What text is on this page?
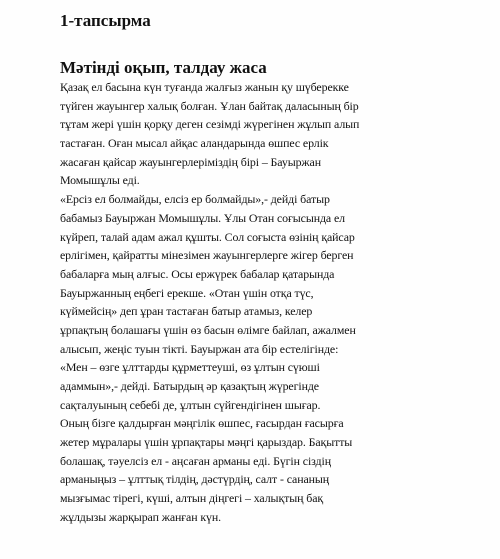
1-тапсырма
Мәтінді оқып, талдау жаса
Қазақ ел басына күн туғанда жалғыз жанын қу шүберекке
түйген жауынгер халық болған. Ұлан байтақ даласының бір
тұтам жері үшін қорқу деген сезімді жүрегінен жұлып алып
тастаған. Оған мысал айқас аландарында өшпес ерлік
жасаған қайсар жауынгерлеріміздің бірі – Бауыржан
Момышұлы еді.
«Ерсіз ел болмайды, елсіз ер болмайды»,- дейді батыр
бабамыз Бауыржан Момышұлы. Ұлы Отан соғысында ел
күйреп, талай адам ажал құшты. Сол соғыста өзінің қайсар
ерлігімен, қайратты мінезімен жауынгерлерге жігер берген
бабаларға мың алғыс. Осы ержүрек бабалар қатарында
Бауыржанның еңбегі ерекше. «Отан үшін отқа түс,
күймейсің» деп ұран тастаған батыр атамыз, келер
ұрпақтың болашағы үшін өз басын өлімге байлап, ажалмен
алысып, жеңіс туын тікті. Бауыржан ата бір естелігінде:
«Мен – өзге ұлттарды құрметтеуші, өз ұлтын сүюші
адаммын»,- дейді. Батырдың әр қазақтың жүрегінде
сақталуының себебі де, ұлтын сүйгендігінен шығар.
Оның бізге қалдырған мәңгілік өшпес, ғасырдан ғасырға
жетер мұралары үшін ұрпақтары мәңгі қарыздар. Бақытты
болашақ, тәуелсіз ел - аңсаған арманы еді. Бүгін сіздің
арманыңыз – ұлттық тілдің, дәстүрдің, салт - сананың
мызғымас тірегі, күші, алтын діңгегі – халықтың бақ
жұлдызы жарқырап жанған күн.
